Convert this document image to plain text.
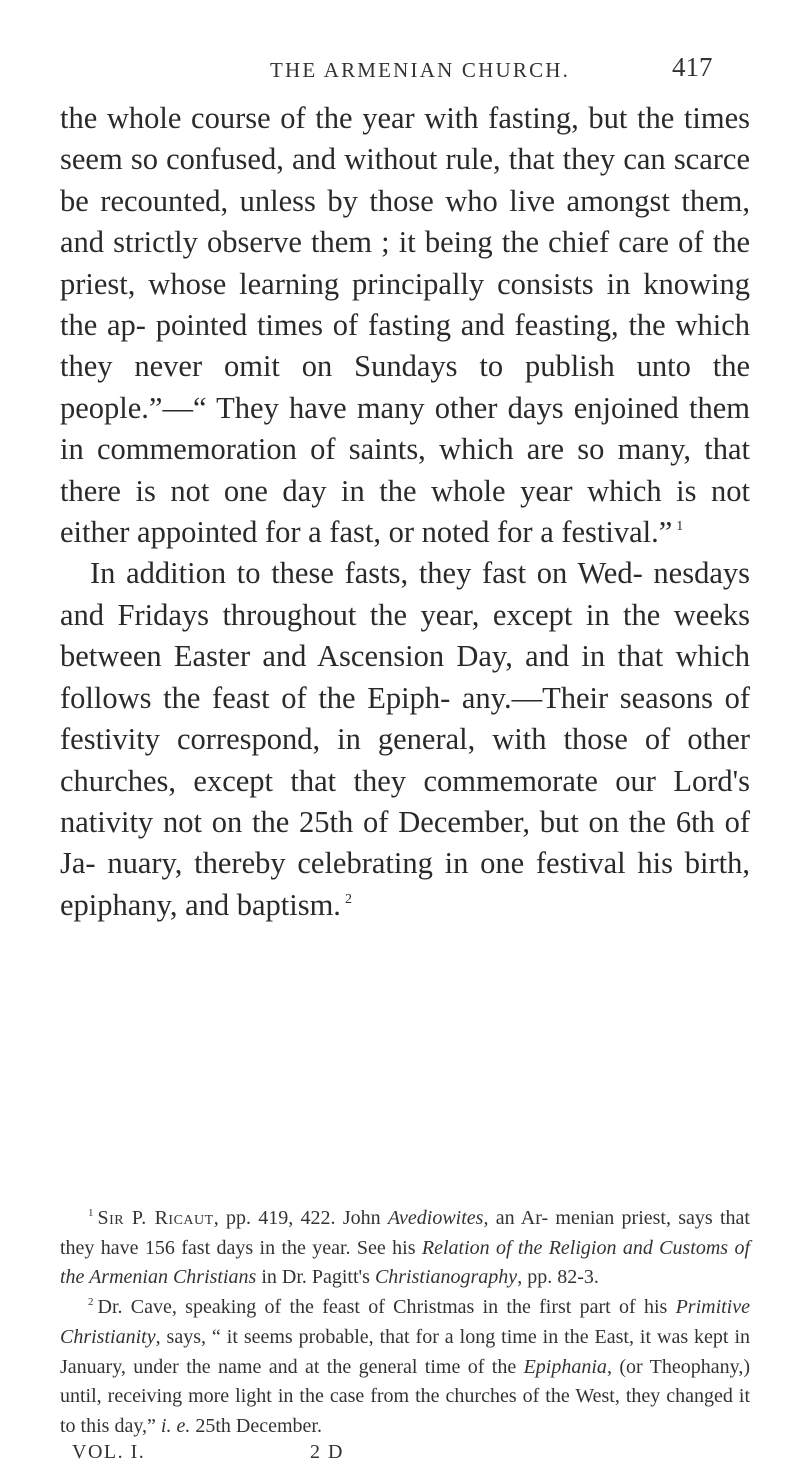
THE ARMENIAN CHURCH.	417

the whole course of the year with fasting, but the times seem so confused, and without rule, that they can scarce be recounted, unless by those who live amongst them, and strictly observe them ; it being the chief care of the priest, whose learning principally consists in knowing the ap- pointed times of fasting and feasting, the which they never omit on Sundays to publish unto the people.”—“ They have many other days enjoined them in commemoration of saints, which are so many, that there is not one day in the whole year which is not either appointed for a fast, or noted for a festival.” $^1$

In addition to these fasts, they fast on Wed- nesdays and Fridays throughout the year, except in the weeks between Easter and Ascension Day, and in that which follows the feast of the Epiph- any.—Their seasons of festivity correspond, in general, with those of other churches, except that they commemorate our Lord's nativity not on the 25th of December, but on the 6th of Ja- nuary, thereby celebrating in one festival his birth, epiphany, and baptism. $^2$

$^1$ Sir P. Ricaut, pp. 419, 422. John Avediowites, an Ar- menian priest, says that they have 156 fast days in the year. See his Relation of the Religion and Customs of the Armenian Christians in Dr. Pagitt's Christianography, pp. 82-3.

$^2$ Dr. Cave, speaking of the feast of Christmas in the first part of his Primitive Christianity, says, “ it seems probable, that for a long time in the East, it was kept in January, under the name and at the general time of the Epiphania, (or Theophany,) until, receiving more light in the case from the churches of the West, they changed it to this day,” i. e. 25th December.

VOL. I.	2 D
